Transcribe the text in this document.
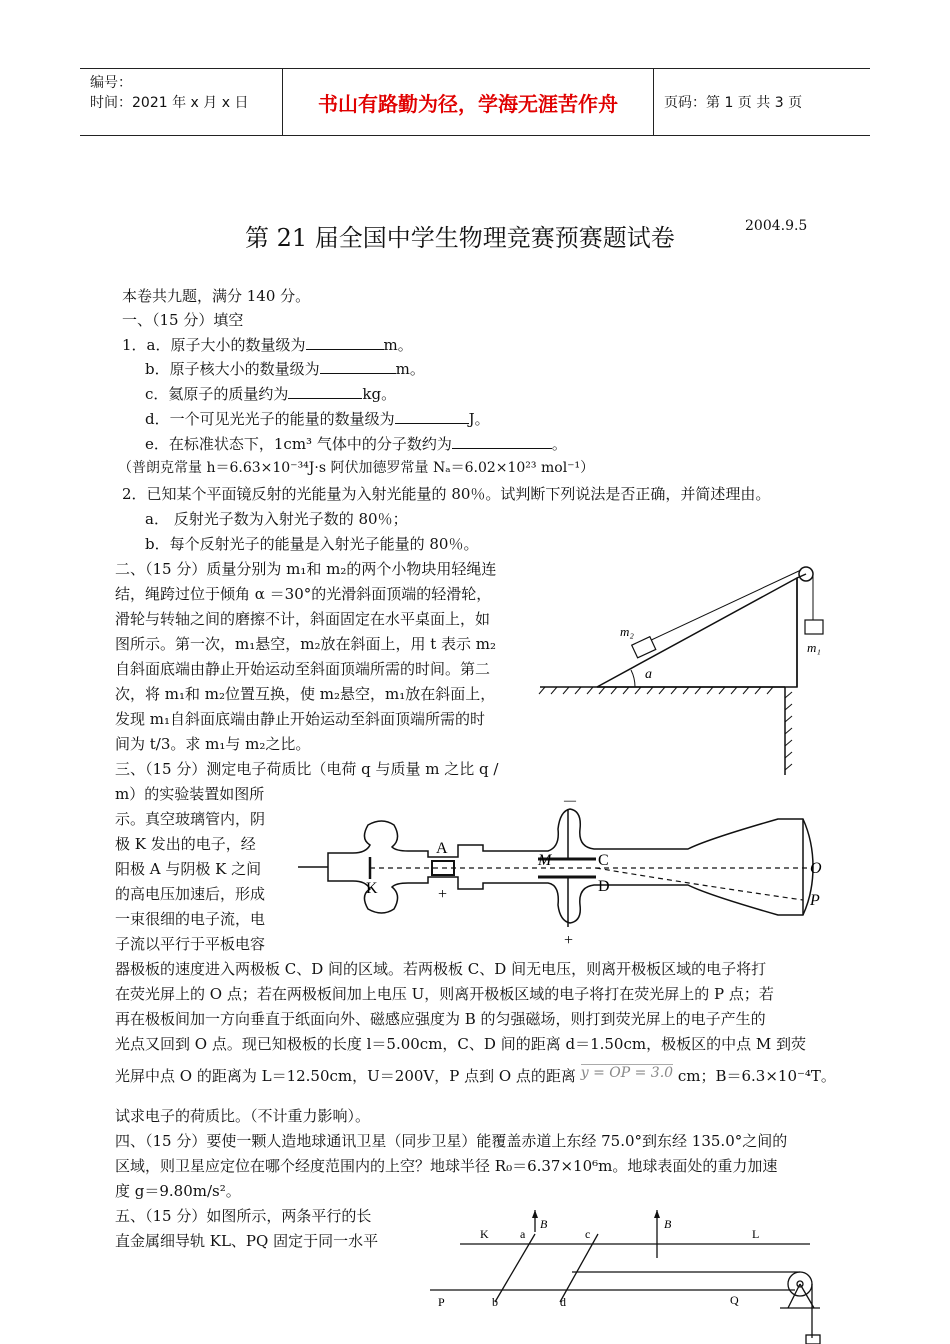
编号：
时间：2021 年 x 月 x 日	书山有路勤为径，学海无涯苦作舟	页码：第 1 页 共 3 页
第 21 届全国中学生物理竞赛预赛题试卷	2004.9.5
本卷共九题，满分 140 分。
一、（15 分）填空
1．a．原子大小的数量级为	m。
b．原子核大小的数量级为	m。
c．氦原子的质量约为	kg。
d．一个可见光光子的能量的数量级为	J。
e．在标准状态下，1cm³ 气体中的分子数约为	。
（普朗克常量 h＝6.63×10⁻³⁴J·s 阿伏加德罗常量 Nₐ＝6.02×10²³ mol⁻¹）
2．已知某个平面镜反射的光能量为入射光能量的 80％。试判断下列说法是否正确，并简述理由。
a． 反射光子数为入射光子数的 80％；
b．每个反射光子的能量是入射光子能量的 80％。
二、（15 分）质量分别为 m₁和 m₂的两个小物块用轻绳连
结，绳跨过位于倾角 α ＝30°的光滑斜面顶端的轻滑轮，
滑轮与转轴之间的磨擦不计，斜面固定在水平桌面上，如
图所示。第一次，m₁悬空，m₂放在斜面上，用 t 表示 m₂
自斜面底端由静止开始运动至斜面顶端所需的时间。第二
次，将 m₁和 m₂位置互换，使 m₂悬空，m₁放在斜面上，
发现 m₁自斜面底端由静止开始运动至斜面顶端所需的时
间为 t/3。求 m₁与 m₂之比。
m₂
m₁
a
三、（15 分）测定电子荷质比（电荷 q 与质量 m 之比 q /
m）的实验装置如图所
示。真空玻璃管内，阴
极 K 发出的电子，经
阳极 A 与阴极 K 之间
的高电压加速后，形成
一束很细的电子流，电
子流以平行于平板电容
器极板的速度进入两极板 C、D 间的区域。若两极板 C、D 间无电压，则离开极板区域的电子将打
在荧光屏上的 O 点；若在两极板间加上电压 U，则离开极板区域的电子将打在荧光屏上的 P 点；若
再在极板间加一方向垂直于纸面向外、磁感应强度为 B 的匀强磁场，则打到荧光屏上的电子产生的
光点又回到 O 点。现已知极板的长度 l＝5.00cm，C、D 间的距离 d＝1.50cm，极板区的中点 M 到荧
光屏中点 O 的距离为 L＝12.50cm，U＝200V，P 点到 O 点的距离 y = OP = 3.0 cm；B＝6.3×10⁻⁴T。
试求电子的荷质比。（不计重力影响）。
K
A
+
M	C
D
－
+
O
P
四、（15 分）要使一颗人造地球通讯卫星（同步卫星）能覆盖赤道上东经 75.0°到东经 135.0°之间的
区域，则卫星应定位在哪个经度范围内的上空？地球半径 R₀＝6.37×10⁶m。地球表面处的重力加速
度 g＝9.80m/s²。
五、（15 分）如图所示，两条平行的长
直金属细导轨 KL、PQ 固定于同一水平	K	a
B
c
B
L
P	b	d	Q
